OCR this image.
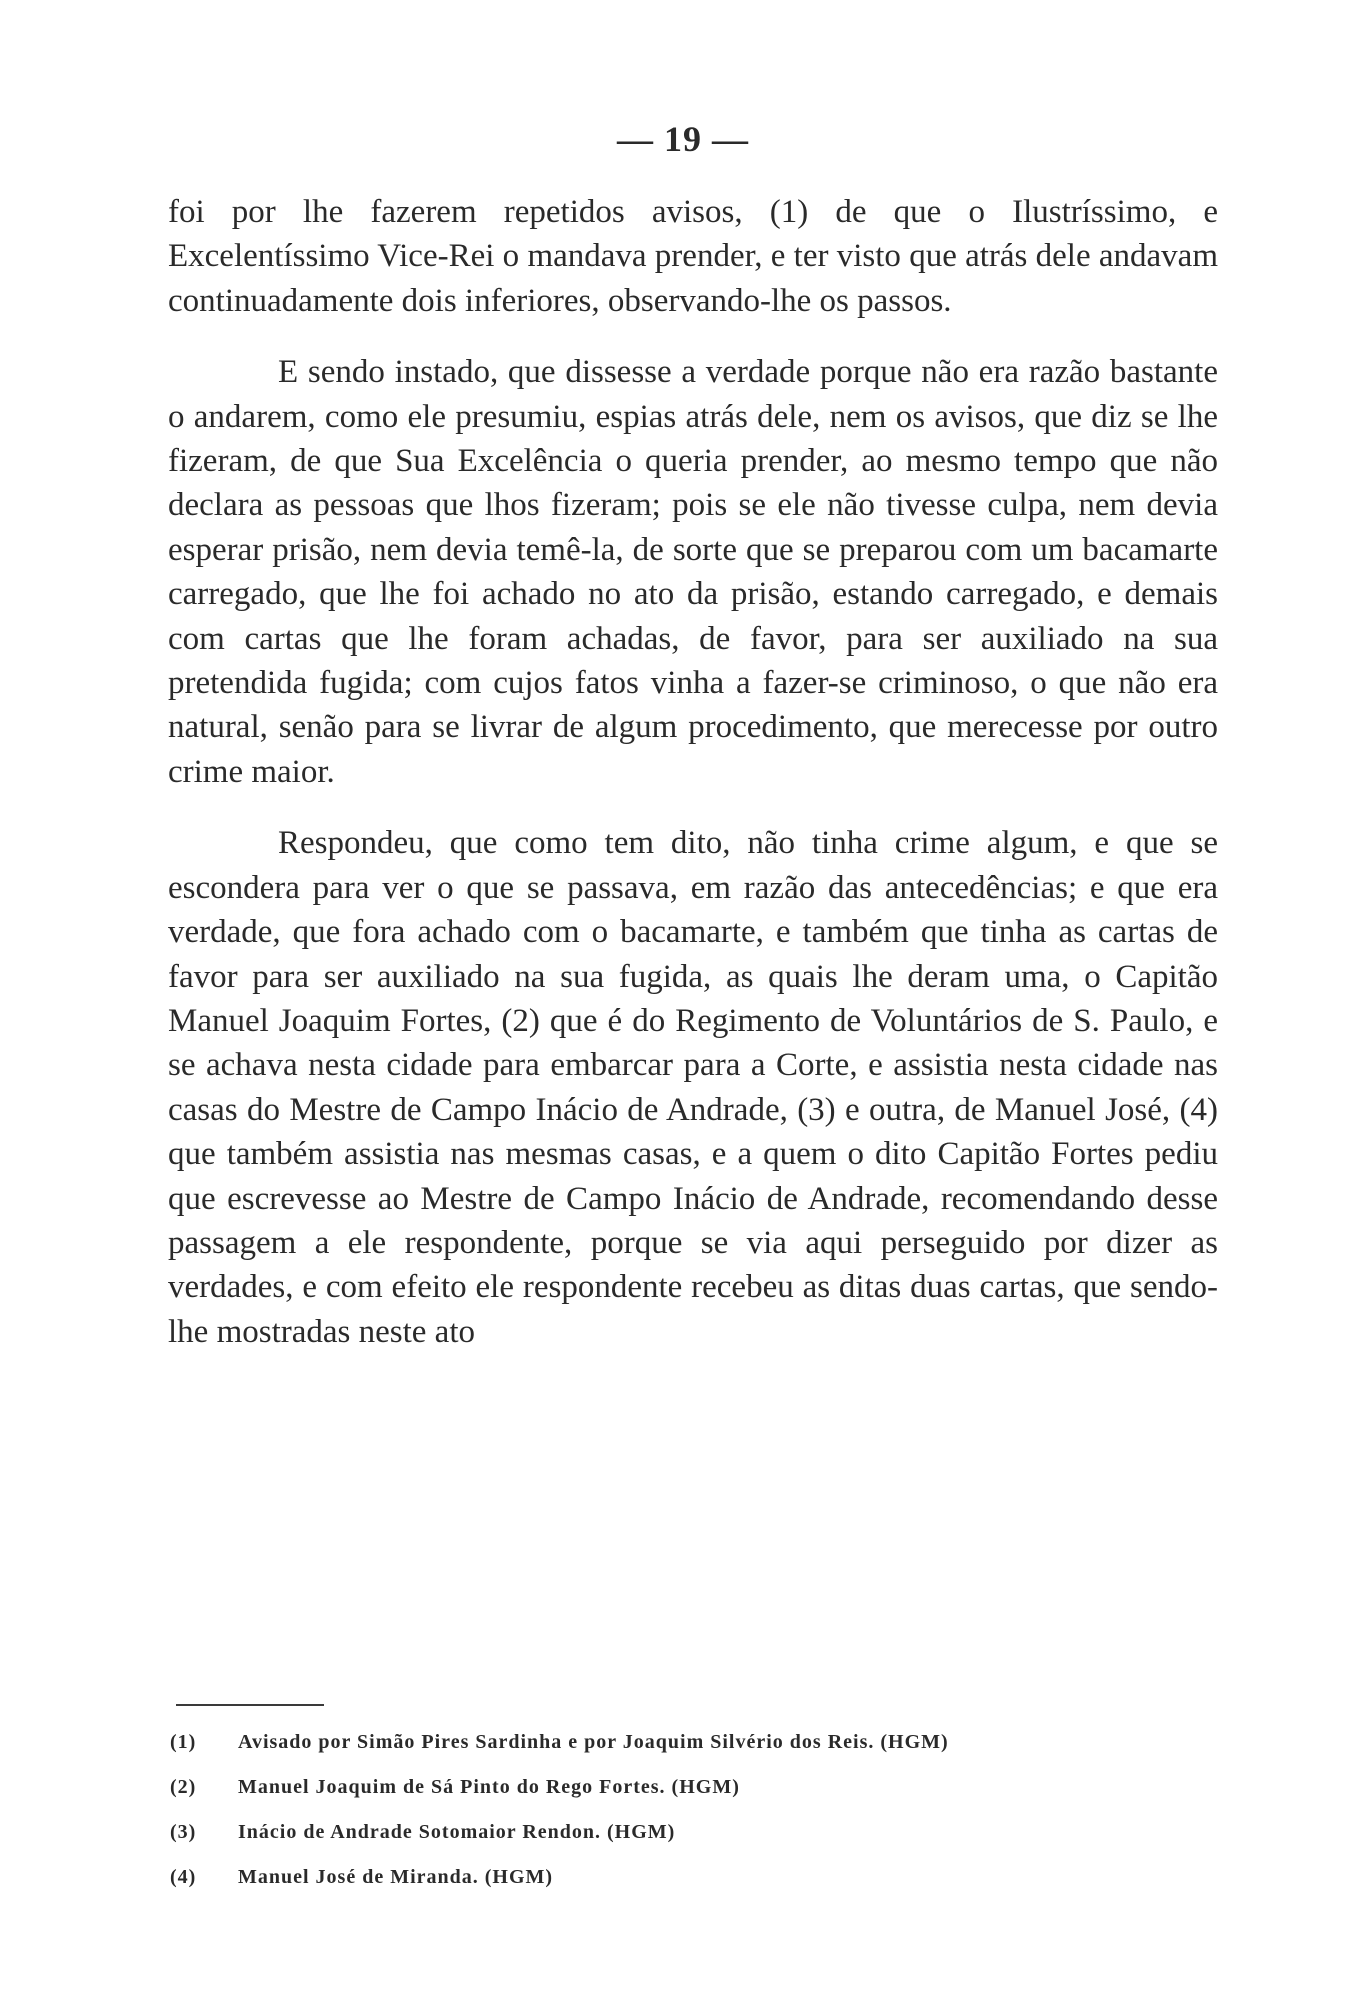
— 19 —

foi por lhe fazerem repetidos avisos, (1) de que o Ilustríssimo, e Excelentíssimo Vice-Rei o mandava prender, e ter visto que atrás dele andavam continuadamente dois inferiores, observando-lhe os passos.

E sendo instado, que dissesse a verdade porque não era razão bastante o andarem, como ele presumiu, espias atrás dele, nem os avisos, que diz se lhe fizeram, de que Sua Excelência o queria prender, ao mesmo tempo que não declara as pessoas que lhos fizeram; pois se ele não tivesse culpa, nem devia esperar prisão, nem devia temê-la, de sorte que se preparou com um bacamarte carregado, que lhe foi achado no ato da prisão, estando carregado, e demais com cartas que lhe foram achadas, de favor, para ser auxiliado na sua pretendida fugida; com cujos fatos vinha a fazer-se criminoso, o que não era natural, senão para se livrar de algum procedimento, que merecesse por outro crime maior.

Respondeu, que como tem dito, não tinha crime algum, e que se escondera para ver o que se passava, em razão das antecedências; e que era verdade, que fora achado com o bacamarte, e também que tinha as cartas de favor para ser auxiliado na sua fugida, as quais lhe deram uma, o Capitão Manuel Joaquim Fortes, (2) que é do Regimento de Voluntários de S. Paulo, e se achava nesta cidade para embarcar para a Corte, e assistia nesta cidade nas casas do Mestre de Campo Inácio de Andrade, (3) e outra, de Manuel José, (4) que também assistia nas mesmas casas, e a quem o dito Capitão Fortes pediu que escrevesse ao Mestre de Campo Inácio de Andrade, recomendando desse passagem a ele respondente, porque se via aqui perseguido por dizer as verdades, e com efeito ele respondente recebeu as ditas duas cartas, que sendo-lhe mostradas neste ato

(1)	Avisado por Simão Pires Sardinha e por Joaquim Silvério dos Reis. (HGM)
(2)	Manuel Joaquim de Sá Pinto do Rego Fortes. (HGM)
(3)	Inácio de Andrade Sotomaior Rendon. (HGM)
(4)	Manuel José de Miranda. (HGM)
